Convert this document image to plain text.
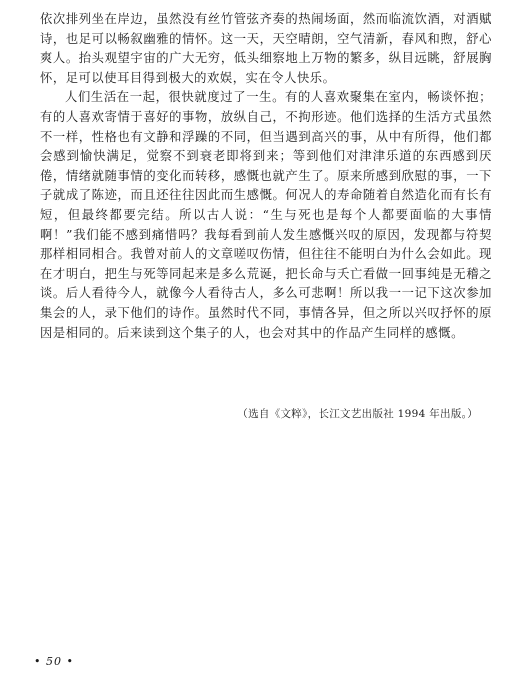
依次排列坐在岸边，虽然没有丝竹管弦齐奏的热闹场面，然而临流饮酒，对酒赋诗，也足可以畅叙幽雅的情怀。这一天，天空晴朗，空气清新，春风和煦，舒心爽人。抬头观望宇宙的广大无穷，低头细察地上万物的繁多，纵目远眺，舒展胸怀，足可以使耳目得到极大的欢娱，实在令人快乐。

人们生活在一起，很快就度过了一生。有的人喜欢聚集在室内，畅谈怀抱；有的人喜欢寄情于喜好的事物，放纵自己，不拘形迹。他们选择的生活方式虽然不一样，性格也有文静和浮躁的不同，但当遇到高兴的事，从中有所得，他们都会感到愉快满足，觉察不到衰老即将到来；等到他们对津津乐道的东西感到厌倦，情绪就随事情的变化而转移，感慨也就产生了。原来所感到欣慰的事，一下子就成了陈迹，而且还往往因此而生感慨。何况人的寿命随着自然造化而有长有短，但最终都要完结。所以古人说：“生与死也是每个人都要面临的大事情啊！”我们能不感到痛惜吗？我每看到前人发生感慨兴叹的原因，发现都与符契那样相同相合。我曾对前人的文章嗟叹伤情，但往往不能明白为什么会如此。现在才明白，把生与死等同起来是多么荒诞，把长命与夭亡看做一回事纯是无稽之谈。后人看待今人，就像今人看待古人，多么可悲啊！所以我一一记下这次参加集会的人，录下他们的诗作。虽然时代不同，事情各异，但之所以兴叹抒怀的原因是相同的。后来读到这个集子的人，也会对其中的作品产生同样的感慨。

（选自《文粹》，长江文艺出版社 1994 年出版。）
• 50 •
